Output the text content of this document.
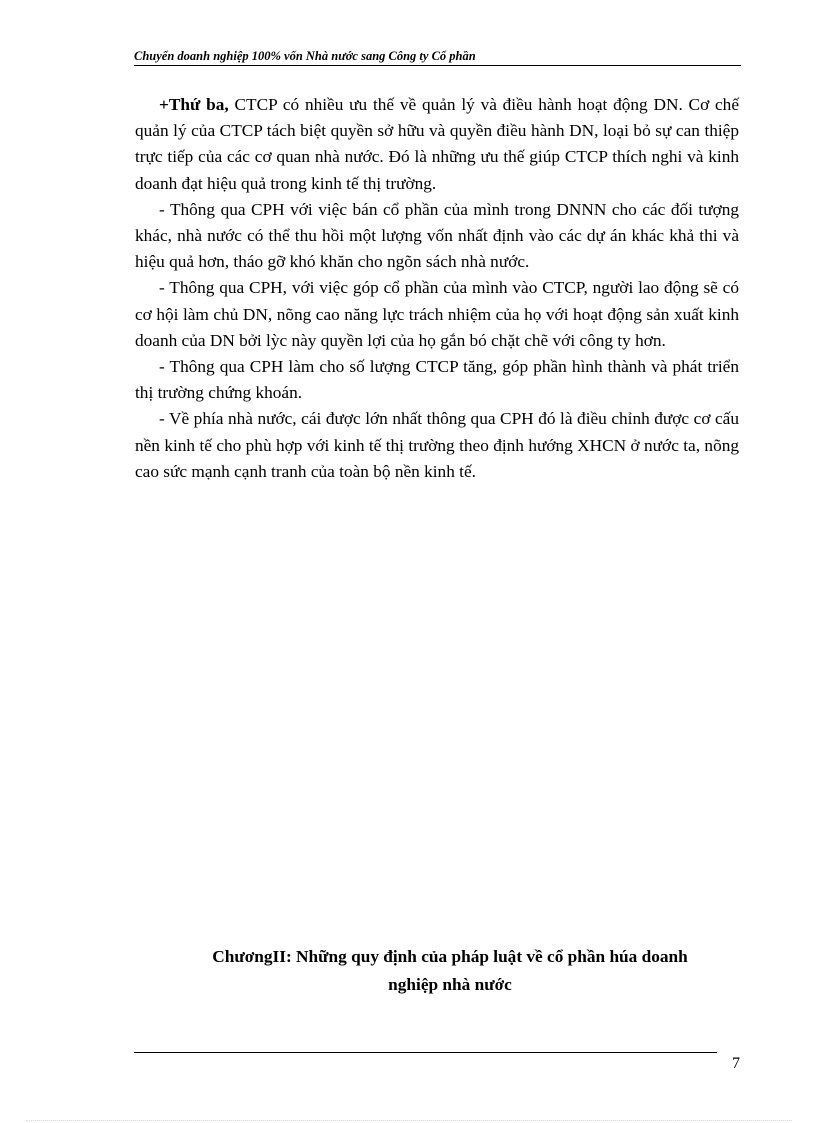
Chuyển doanh nghiệp 100% vốn Nhà nước sang Công ty Cổ phần

+Thứ ba, CTCP có nhiều ưu thế về quản lý và điều hành hoạt động DN. Cơ chế quản lý của CTCP tách biệt quyền sở hữu và quyền điều hành DN, loại bỏ sự can thiệp trực tiếp của các cơ quan nhà nước. Đó là những ưu thế giúp CTCP thích nghi và kinh doanh đạt hiệu quả trong kinh tế thị trường.

- Thông qua CPH với việc bán cổ phần của mình trong DNNN cho các đối tượng khác, nhà nước có thể thu hồi một lượng vốn nhất định vào các dự án khác khả thi và hiệu quả hơn, tháo gỡ khó khăn cho ngõn sách nhà nước.

- Thông qua CPH, với việc góp cổ phần của mình vào CTCP, người lao động sẽ có cơ hội làm chủ DN, nõng cao năng lực trách nhiệm của họ với hoạt động sản xuất kinh doanh của DN bởi lỳc này quyền lợi của họ gắn bó chặt chẽ với công ty hơn.

- Thông qua CPH làm cho số lượng CTCP tăng, góp phần hình thành và phát triển thị trường chứng khoán.

- Về phía nhà nước, cái được lớn nhất thông qua CPH đó là điều chỉnh được cơ cấu nền kinh tế cho phù hợp với kinh tế thị trường theo định hướng XHCN ở nước ta, nõng cao sức mạnh cạnh tranh của toàn bộ nền kinh tế.

ChươngII: Những quy định của pháp luật về cổ phần húa doanh
nghiệp nhà nước
7
